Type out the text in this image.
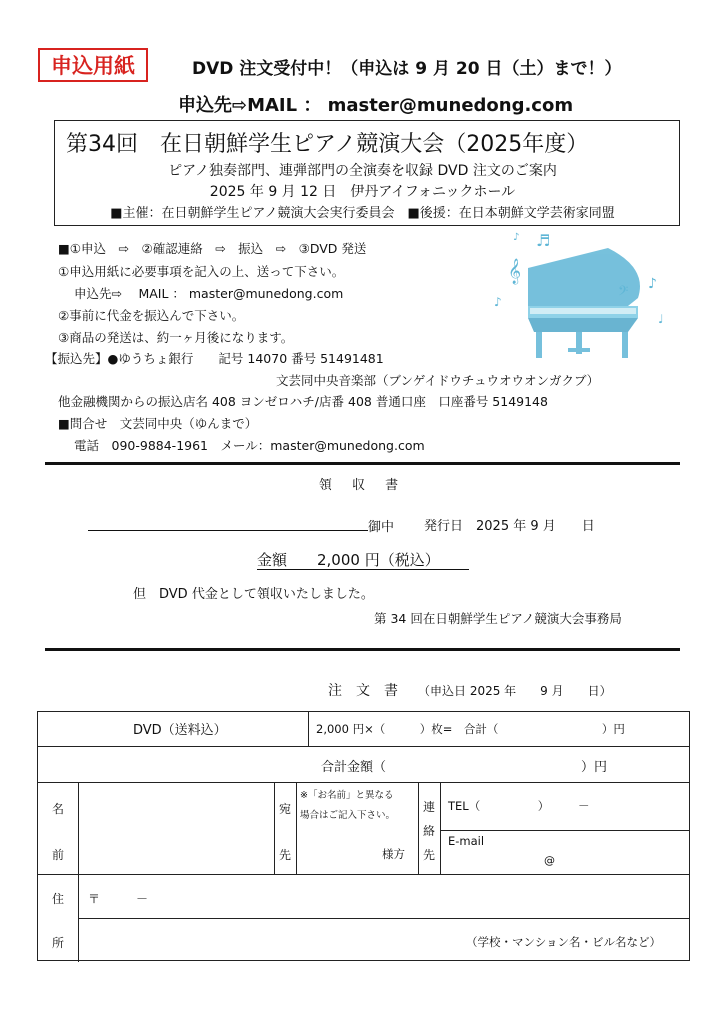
申込用紙	DVD 注文受付中！（申込は 9 月 20 日（土）まで！）
申込先⇨MAIL ： master@munedong.com
第34回　在日朝鮮学生ピアノ競演大会（2025年度）
ピアノ独奏部門、連弾部門の全演奏を収録 DVD 注文のご案内
2025 年 9 月 12 日　伊丹アイフォニックホール
■主催：在日朝鮮学生ピアノ競演大会実行委員会　■後援：在日本朝鮮文学芸術家同盟
■①申込　⇨　②確認連絡　⇨　振込　⇨　③DVD 発送
①申込用紙に必要事項を記入の上、送って下さい。
申込先⇨　 MAIL ： master@munedong.com
②事前に代金を振込んで下さい。
③商品の発送は、約一ヶ月後になります。
【振込先】●ゆうちょ銀行　　記号 14070 番号 51491481
文芸同中央音楽部（ブンゲイドウチュウオウオンガクブ）
他金融機関からの振込店名 408 ヨンゼロハチ/店番 408 普通口座　口座番号 5149148
■問合せ　文芸同中央（ゆんまで）
電話　090-9884-1961　メール：master@munedong.com
𝄞
♬
𝄢 ♪
♪
♩
♪
領 収 書
御中 発行日　2025 年 9 月　　日
金額　　2,000 円（税込）
但　DVD 代金として領収いたしました。
第 34 回在日朝鮮学生ピアノ競演大会事務局
注　文　書 （申込日 2025 年　　9 月　　日）
DVD（送料込）	2,000 円×（　　　）枚=　合計（　　　　　　　　　）円
合計金額（　　　　　　　　　　　　　　　）円
名
前
宛
先
※「お名前」と異なる
場合はご記入下さい。
様方
連
絡
先
TEL（　　　　　）　　　－
E-mail
@
住
所
〒　　　－
（学校・マンション名・ビル名など）
